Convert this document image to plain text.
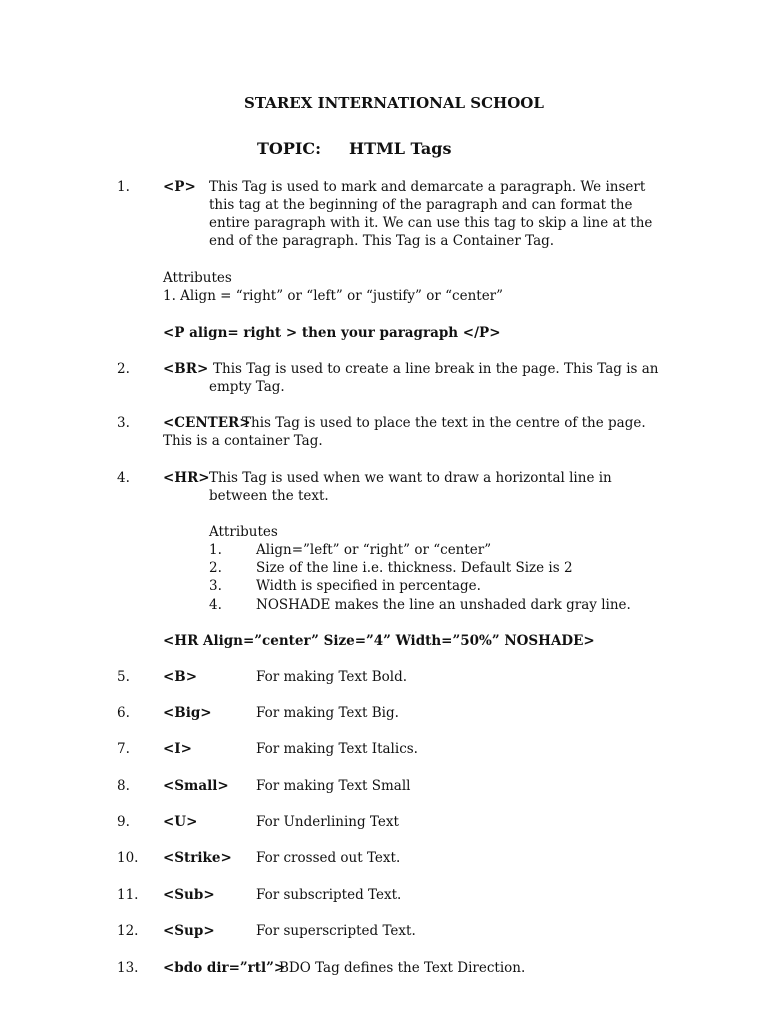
STAREX INTERNATIONAL SCHOOL
TOPIC: HTML Tags
1. <P> This Tag is used to mark and demarcate a paragraph. We insert
this tag at the beginning of the paragraph and can format the
entire paragraph with it. We can use this tag to skip a line at the
end of the paragraph. This Tag is a Container Tag.
Attributes
1. Align = “right” or “left” or “justify” or “center”
<P align= right > then your paragraph </P>
2. <BR> This Tag is used to create a line break in the page. This Tag is an
empty Tag.
3. <CENTER>
This Tag is used to place the text in the centre of the page.
This is a container Tag.
4. <HR> This Tag is used when we want to draw a horizontal line in
between the text.
Attributes
1.	Align=”left” or “right” or “center”
2.	Size of the line i.e. thickness. Default Size is 2
3.	Width is specified in percentage.
4.	NOSHADE makes the line an unshaded dark gray line.
<HR Align=”center” Size=”4” Width=”50%” NOSHADE>
5. <B>	For making Text Bold.
6. <Big>	For making Text Big.
7. <I>	For making Text Italics.
8. <Small> For making Text Small
9. <U>	For Underlining Text
10. <Strike> For crossed out Text.
11. <Sub>	For subscripted Text.
12. <Sup>	For superscripted Text.
13. <bdo dir=”rtl”>
BDO Tag defines the Text Direction.
